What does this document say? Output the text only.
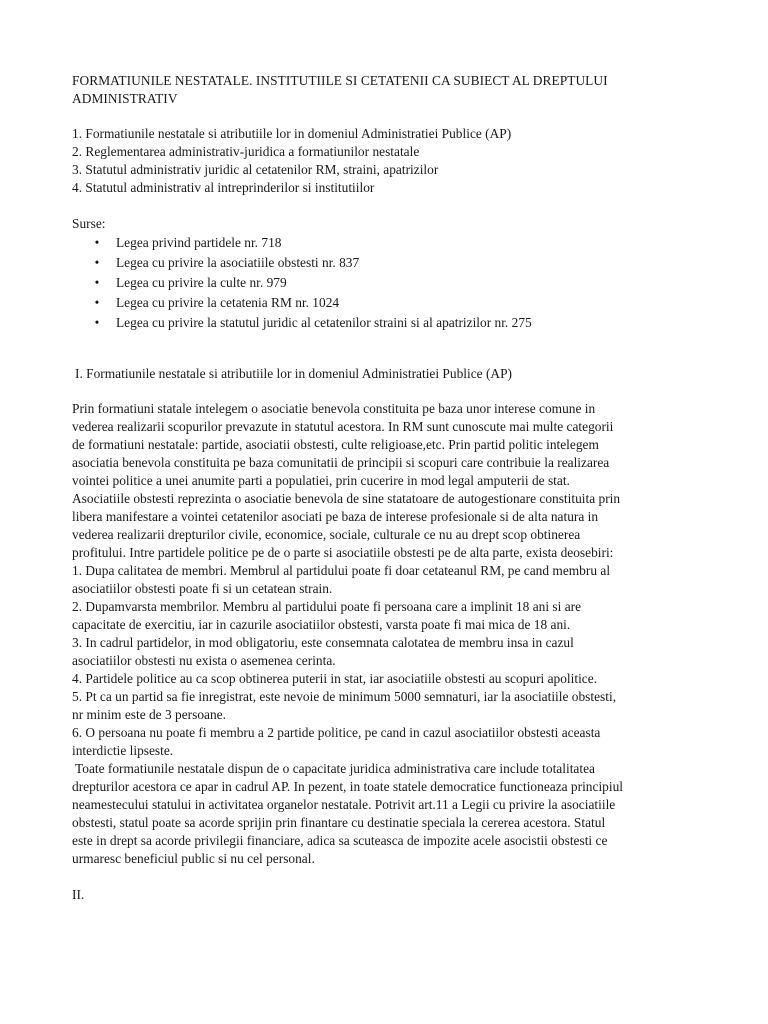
FORMATIUNILE NESTATALE. INSTITUTIILE SI CETATENII CA SUBIECT AL DREPTULUI
ADMINISTRATIV
1. Formatiunile nestatale si atributiile lor in domeniul Administratiei Publice (AP)
2. Reglementarea administrativ-juridica a formatiunilor nestatale
3. Statutul administrativ juridic al cetatenilor RM, straini, apatrizilor
4. Statutul administrativ al intreprinderilor si institutiilor

Surse:

• Legea privind partidele nr. 718
• Legea cu privire la asociatiile obstesti nr. 837
• Legea cu privire la culte nr. 979
• Legea cu privire la cetatenia RM nr. 1024
• Legea cu privire la statutul juridic al cetatenilor straini si al apatrizilor nr. 275
I. Formatiunile nestatale si atributiile lor in domeniul Administratiei Publice (AP)

Prin formatiuni statale intelegem o asociatie benevola constituita pe baza unor interese comune in

vederea realizarii scopurilor prevazute in statutul acestora. In RM sunt cunoscute mai multe categorii

de formatiuni nestatale: partide, asociatii obstesti, culte religioase,etc. Prin partid politic intelegem

asociatia benevola constituita pe baza comunitatii de principii si scopuri care contribuie la realizarea

vointei politice a unei anumite parti a populatiei, prin cucerire in mod legal amputerii de stat.

Asociatiile obstesti reprezinta o asociatie benevola de sine statatoare de autogestionare constituita prin

libera manifestare a vointei cetatenilor asociati pe baza de interese profesionale si de alta natura in

vederea realizarii drepturilor civile, economice, sociale, culturale ce nu au drept scop obtinerea

profitului. Intre partidele politice pe de o parte si asociatiile obstesti pe de alta parte, exista deosebiri:

1. Dupa calitatea de membri. Membrul al partidului poate fi doar cetateanul RM, pe cand membru al

asociatiilor obstesti poate fi si un cetatean strain.

2. Dupamvarsta membrilor. Membru al partidului poate fi persoana care a implinit 18 ani si are

capacitate de exercitiu, iar in cazurile asociatiilor obstesti, varsta poate fi mai mica de 18 ani.

3. In cadrul partidelor, in mod obligatoriu, este consemnata calotatea de membru insa in cazul

asociatiilor obstesti nu exista o asemenea cerinta.

4. Partidele politice au ca scop obtinerea puterii in stat, iar asociatiile obstesti au scopuri apolitice.

5. Pt ca un partid sa fie inregistrat, este nevoie de minimum 5000 semnaturi, iar la asociatiile obstesti,

nr minim este de 3 persoane.

6. O persoana nu poate fi membru a 2 partide politice, pe cand in cazul asociatiilor obstesti aceasta

interdictie lipseste.

Toate formatiunile nestatale dispun de o capacitate juridica administrativa care include totalitatea

drepturilor acestora ce apar in cadrul AP. In pezent, in toate statele democratice functioneaza principiul

neamestecului statului in activitatea organelor nestatale. Potrivit art.11 a Legii cu privire la asociatiile

obstesti, statul poate sa acorde sprijin prin finantare cu destinatie speciala la cererea acestora. Statul

este in drept sa acorde privilegii financiare, adica sa scuteasca de impozite acele asocistii obstesti ce

urmaresc beneficiul public si nu cel personal.

II.
